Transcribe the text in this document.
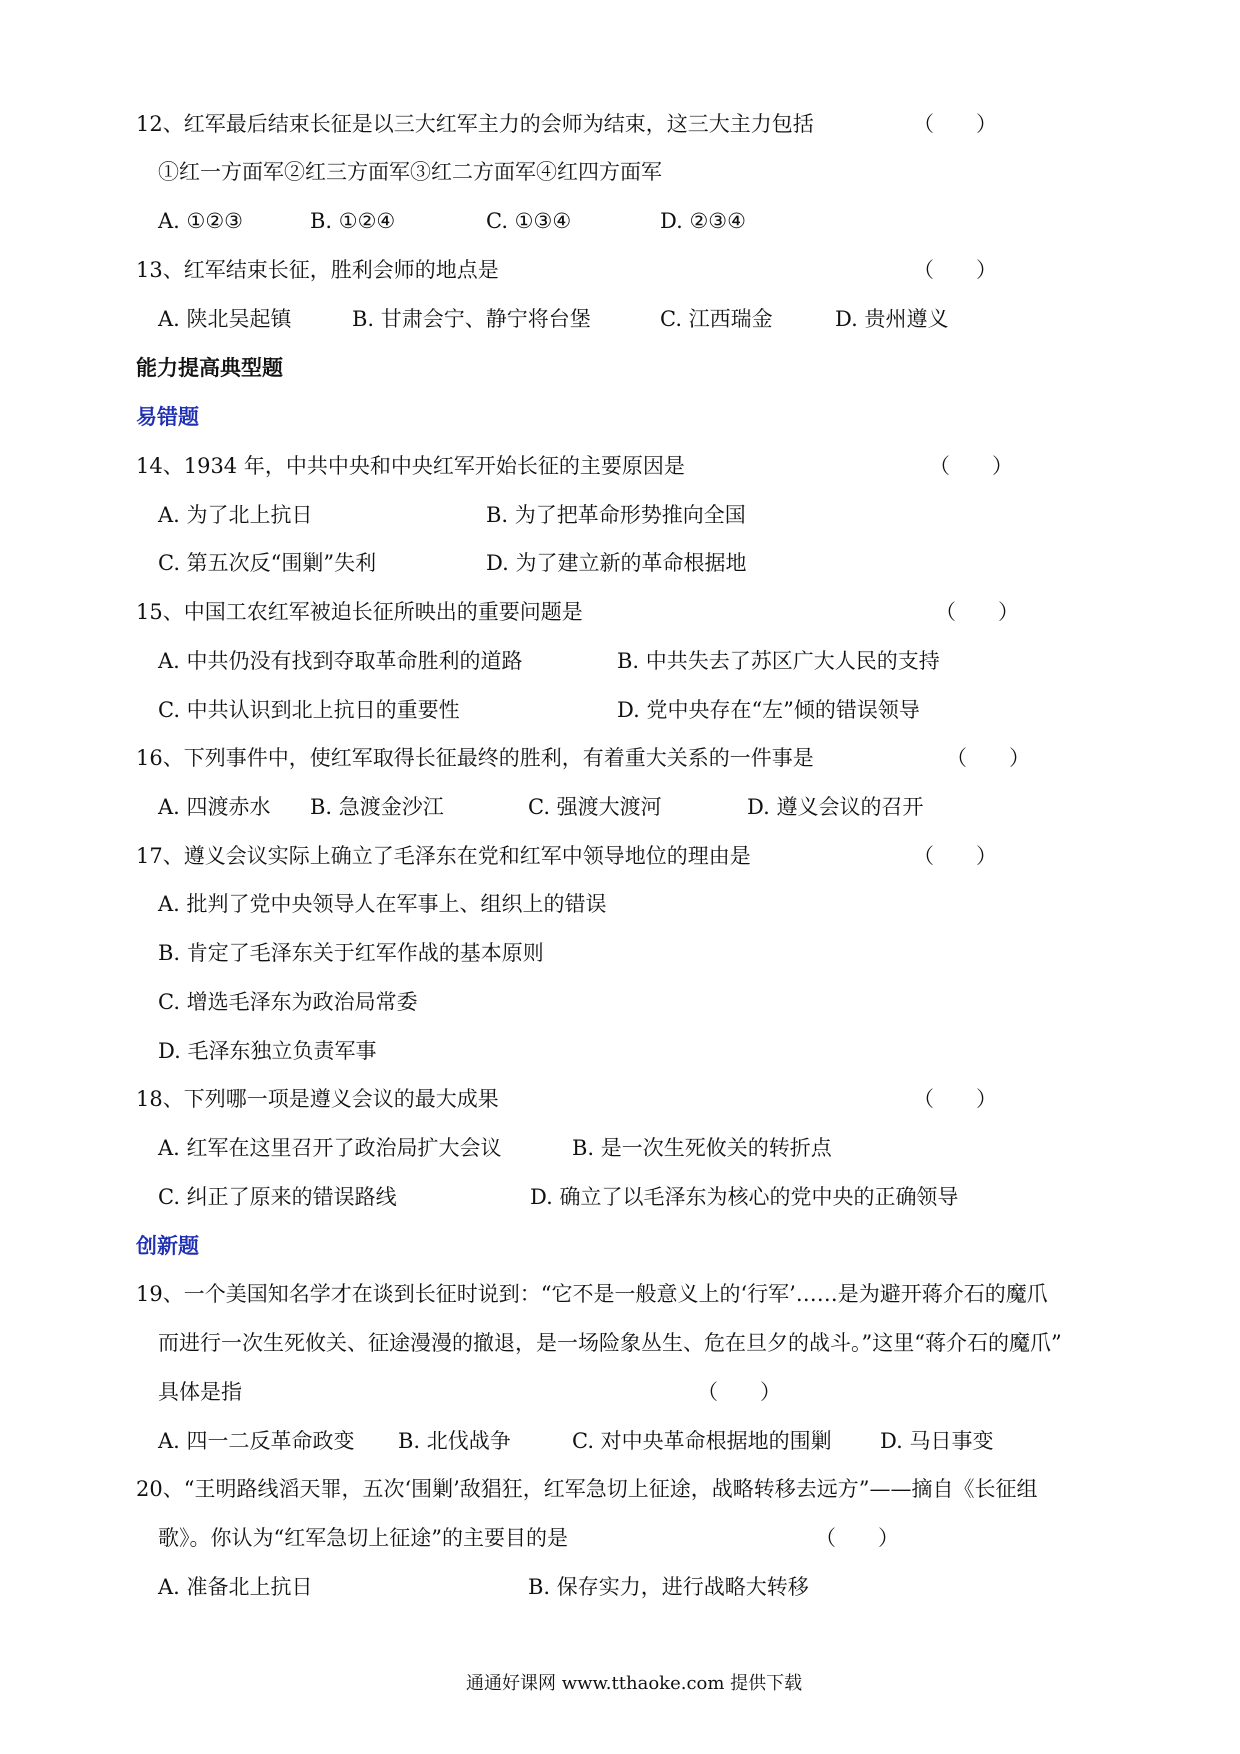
12、红军最后结束长征是以三大红军主力的会师为结束，这三大主力包括	（　　）
①红一方面军②红三方面军③红二方面军④红四方面军
A. ①②③	B. ①②④	C. ①③④	D. ②③④
13、红军结束长征，胜利会师的地点是	（　　）
A. 陕北吴起镇	B. 甘肃会宁、静宁将台堡	C. 江西瑞金	D. 贵州遵义
能力提高典型题
易错题
14、1934 年，中共中央和中央红军开始长征的主要原因是	（　　）
A. 为了北上抗日	B. 为了把革命形势推向全国
C. 第五次反“围剿”失利	D. 为了建立新的革命根据地
15、中国工农红军被迫长征所映出的重要问题是	（　　）
A. 中共仍没有找到夺取革命胜利的道路	B. 中共失去了苏区广大人民的支持
C. 中共认识到北上抗日的重要性	D. 党中央存在“左”倾的错误领导
16、下列事件中，使红军取得长征最终的胜利，有着重大关系的一件事是	（　　）
A. 四渡赤水 B. 急渡金沙江	C. 强渡大渡河	D. 遵义会议的召开
17、遵义会议实际上确立了毛泽东在党和红军中领导地位的理由是	（　　）
A. 批判了党中央领导人在军事上、组织上的错误
B. 肯定了毛泽东关于红军作战的基本原则
C. 增选毛泽东为政治局常委
D. 毛泽东独立负责军事
18、下列哪一项是遵义会议的最大成果	（　　）
A. 红军在这里召开了政治局扩大会议	B. 是一次生死攸关的转折点
C. 纠正了原来的错误路线	D. 确立了以毛泽东为核心的党中央的正确领导
创新题
19、一个美国知名学才在谈到长征时说到：“它不是一般意义上的‘行军’……是为避开蒋介石的魔爪
而进行一次生死攸关、征途漫漫的撤退，是一场险象丛生、危在旦夕的战斗。”这里“蒋介石的魔爪”
具体是指	（　　）
A. 四一二反革命政变 B. 北伐战争	C. 对中央革命根据地的围剿 D. 马日事变
20、“王明路线滔天罪，五次‘围剿’敌猖狂，红军急切上征途，战略转移去远方”——摘自《长征组
歌》。你认为“红军急切上征途”的主要目的是	（　　）
A. 准备北上抗日	B. 保存实力，进行战略大转移
通通好课网 www.tthaoke.com 提供下载
